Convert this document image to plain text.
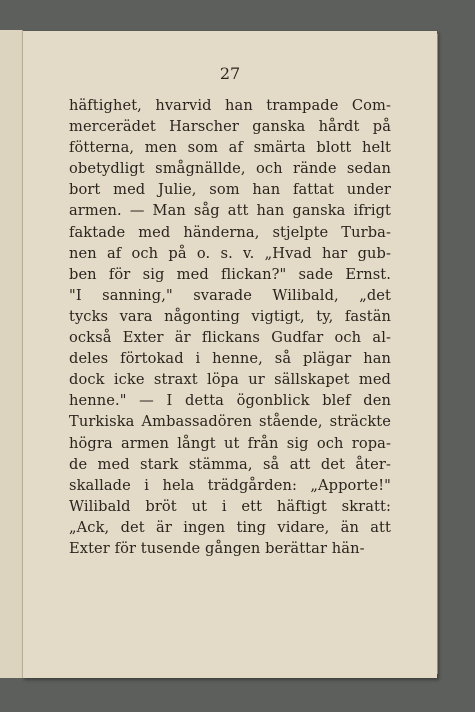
27
häftighet, hvarvid han trampade Com-
mercerädet Harscher ganska hårdt på
fötterna, men som af smärta blott helt
obetydligt smågnällde, och rände sedan
bort med Julie, som han fattat under
armen. — Man såg att han ganska ifrigt
faktade med händerna, stjelpte Turba-
nen af och på o. s. v. „Hvad har gub-
ben för sig med flickan?" sade Ernst.
"I sanning," svarade Wilibald, „det
tycks vara någonting vigtigt, ty, fastän
också Exter är flickans Gudfar och al-
deles förtokad i henne, så plägar han
dock icke straxt löpa ur sällskapet med
henne." — I detta ögonblick blef den
Turkiska Ambassadören stående, sträckte
högra armen långt ut från sig och ropa-
de med stark stämma, så att det åter-
skallade i hela trädgården: „Apporte!"
Wilibald bröt ut i ett häftigt skratt:
„Ack, det är ingen ting vidare, än att
Exter för tusende gången berättar hän-
